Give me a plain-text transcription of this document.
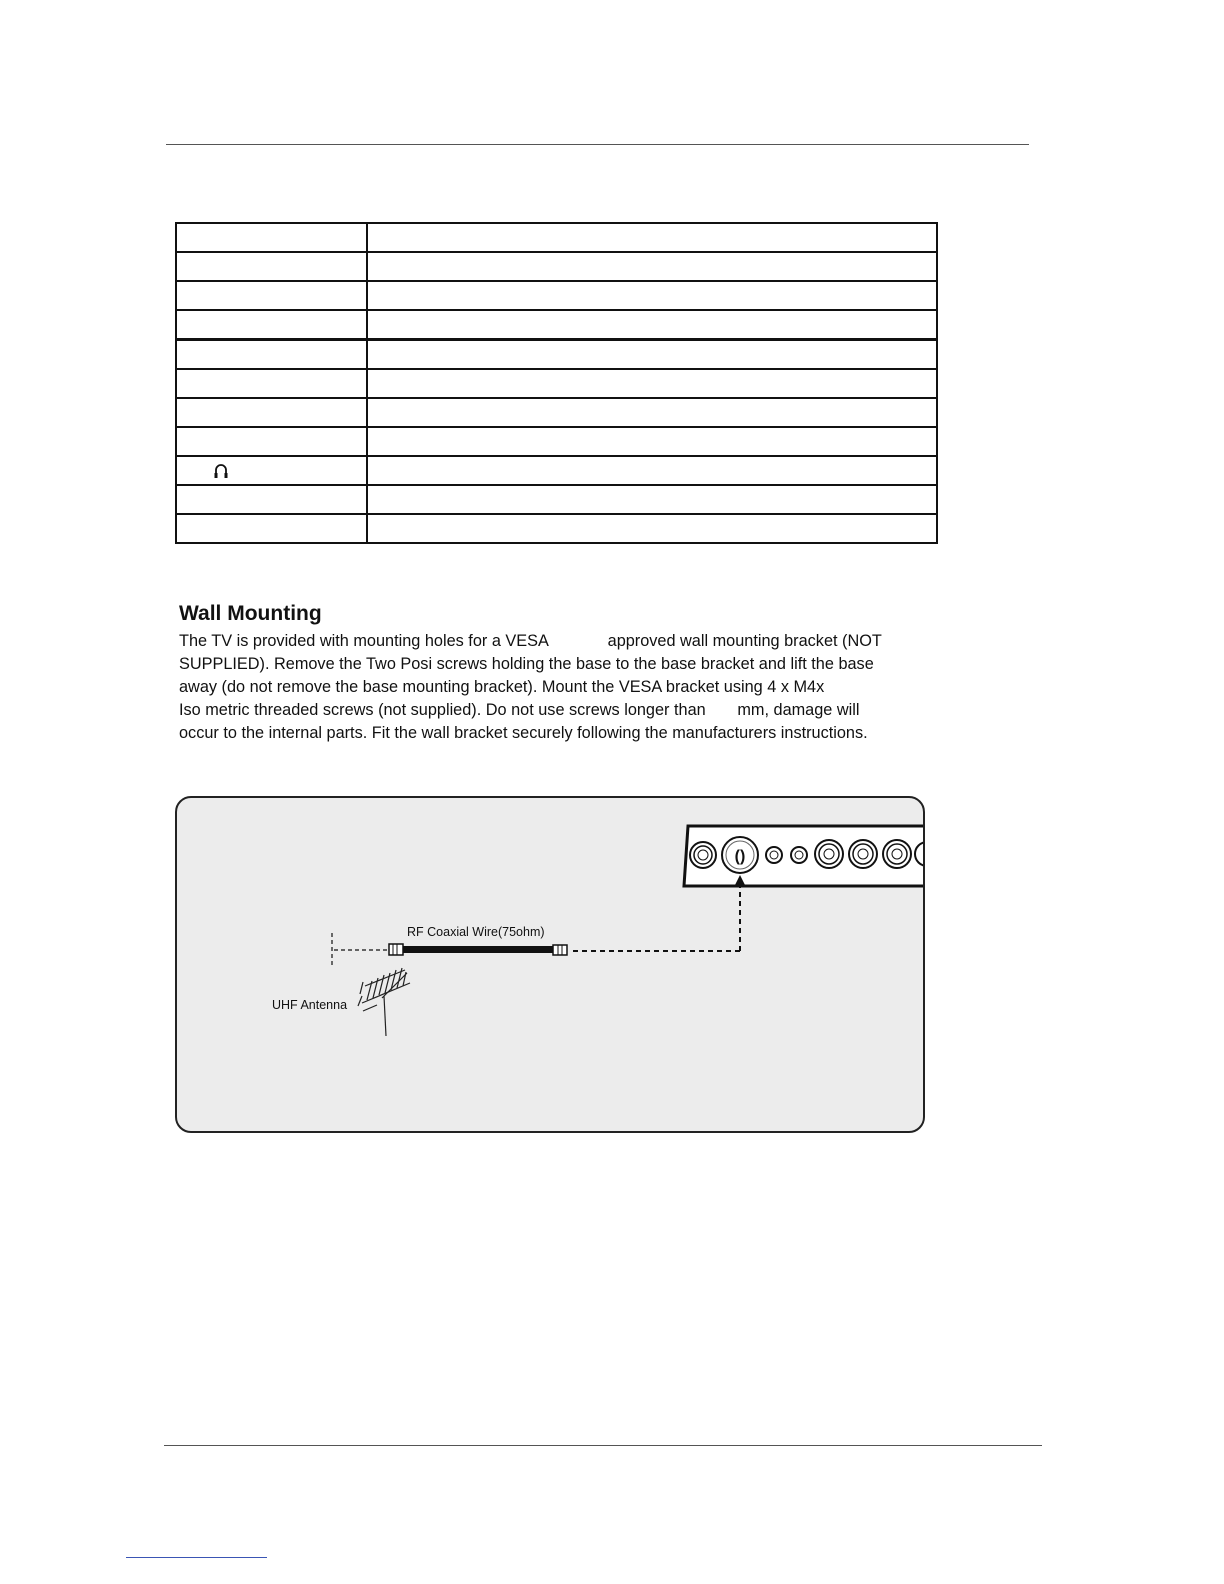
Wall Mounting
The TV is provided with mounting holes for a VESA             approved wall mounting bracket (NOT
SUPPLIED). Remove the Two Posi screws holding the base to the base bracket and lift the base
away (do not remove the base mounting bracket). Mount the VESA bracket using 4 x M4x
Iso metric threaded screws (not supplied). Do not use screws longer than       mm, damage will
occur to the internal parts. Fit the wall bracket securely following the manufacturers instructions.
()
RF Coaxial Wire(75ohm)
UHF Antenna
